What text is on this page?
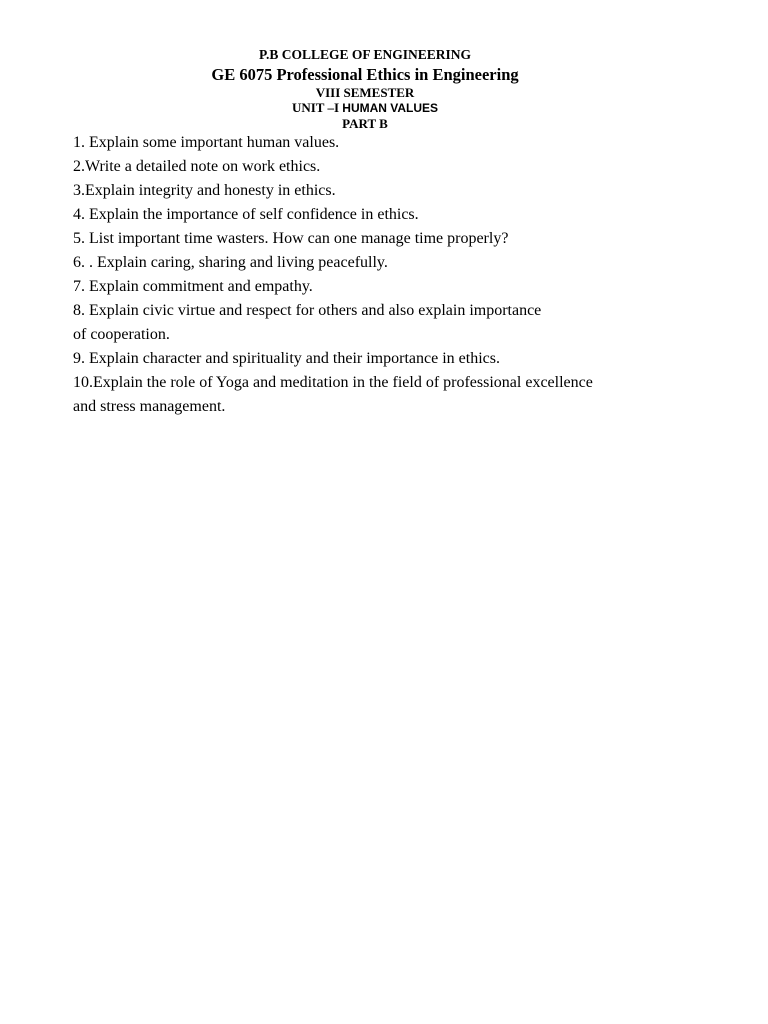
P.B COLLEGE OF ENGINEERING
GE 6075 Professional Ethics in Engineering
VIII SEMESTER
UNIT –I HUMAN VALUES
PART B
1. Explain some important human values.
2.Write a detailed note on work ethics.
3.Explain integrity and honesty in ethics.
4. Explain the importance of self confidence in ethics.
5. List important time wasters. How can one manage time properly?
6. . Explain caring, sharing and living peacefully.
7. Explain commitment and empathy.
8. Explain civic virtue and respect for others and also explain importance
of cooperation.
9. Explain character and spirituality and their importance in ethics.
10.Explain the role of Yoga and meditation in the field of professional excellence
and stress management.
